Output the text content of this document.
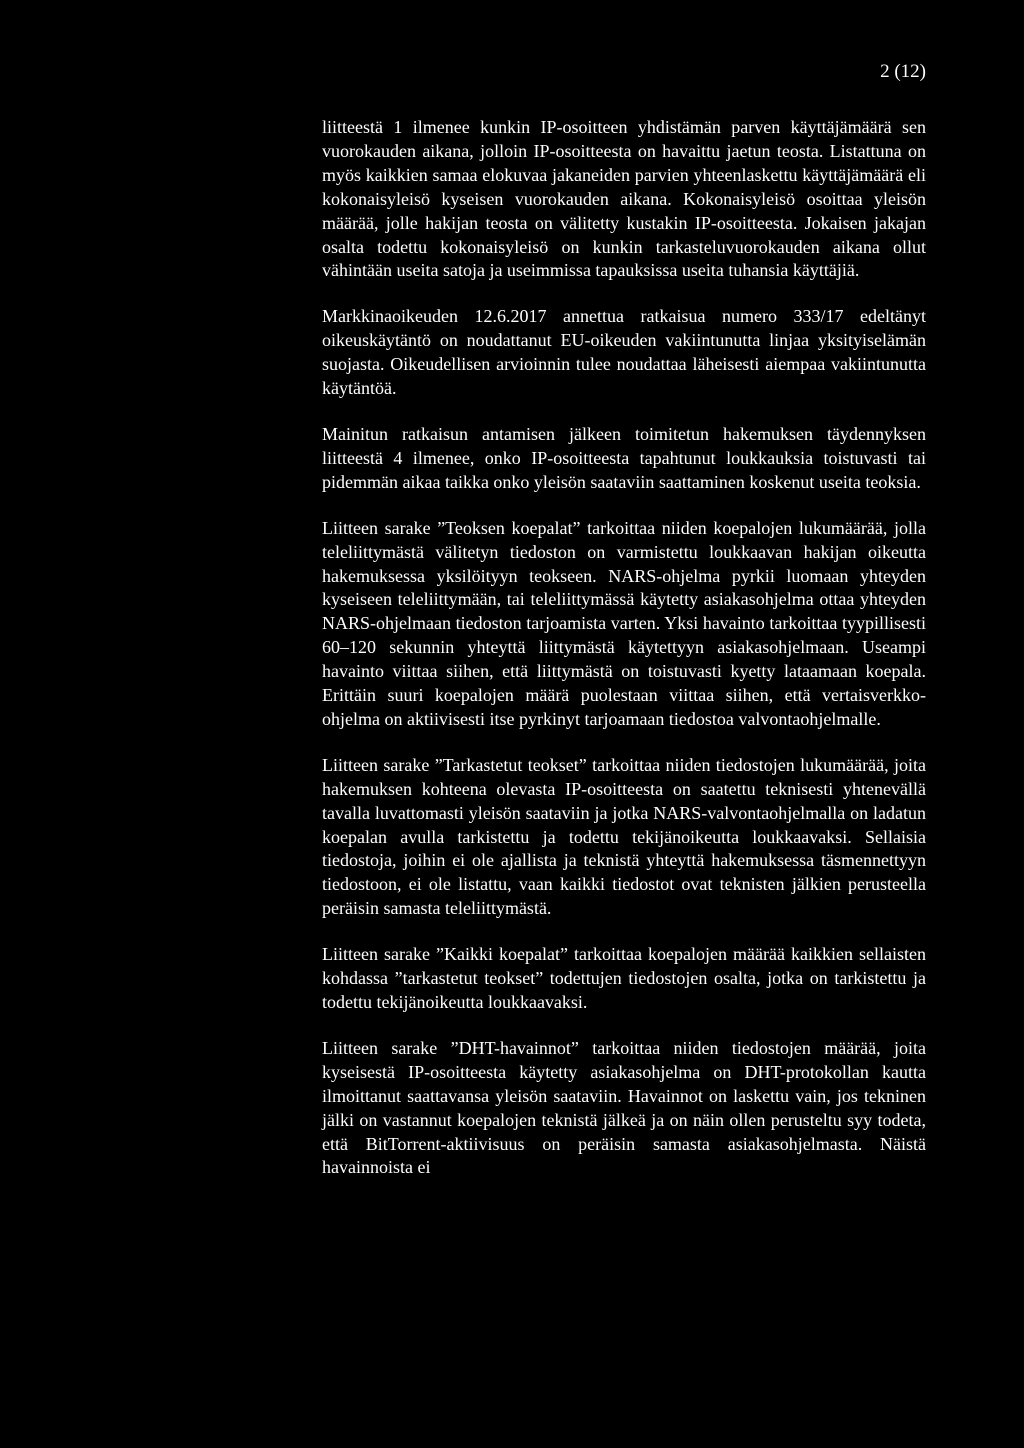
2 (12)

liitteestä 1 ilmenee kunkin IP-osoitteen yhdistämän parven käyttäjämäärä sen vuorokauden aikana, jolloin IP-osoitteesta on havaittu jaetun teosta. Listattuna on myös kaikkien samaa elokuvaa jakaneiden parvien yhteenlaskettu käyttäjämäärä eli kokonaisyleisö kyseisen vuorokauden aikana. Kokonaisyleisö osoittaa yleisön määrää, jolle hakijan teosta on välitetty kustakin IP-osoitteesta. Jokaisen jakajan osalta todettu kokonaisyleisö on kunkin tarkasteluvuorokauden aikana ollut vähintään useita satoja ja useimmissa tapauksissa useita tuhansia käyttäjiä.

Markkinaoikeuden 12.6.2017 annettua ratkaisua numero 333/17 edeltänyt oikeuskäytäntö on noudattanut EU-oikeuden vakiintunutta linjaa yksityiselämän suojasta. Oikeudellisen arvioinnin tulee noudattaa läheisesti aiempaa vakiintunutta käytäntöä.

Mainitun ratkaisun antamisen jälkeen toimitetun hakemuksen täydennyksen liitteestä 4 ilmenee, onko IP-osoitteesta tapahtunut loukkauksia toistuvasti tai pidemmän aikaa taikka onko yleisön saataviin saattaminen koskenut useita teoksia.

Liitteen sarake ”Teoksen koepalat” tarkoittaa niiden koepalojen lukumäärää, jolla teleliittymästä välitetyn tiedoston on varmistettu loukkaavan hakijan oikeutta hakemuksessa yksilöityyn teokseen. NARS-ohjelma pyrkii luomaan yhteyden kyseiseen teleliittymään, tai teleliittymässä käytetty asiakasohjelma ottaa yhteyden NARS-ohjelmaan tiedoston tarjoamista varten. Yksi havainto tarkoittaa tyypillisesti 60–120 sekunnin yhteyttä liittymästä käytettyyn asiakasohjelmaan. Useampi havainto viittaa siihen, että liittymästä on toistuvasti kyetty lataamaan koepala. Erittäin suuri koepalojen määrä puolestaan viittaa siihen, että vertaisverkko-ohjelma on aktiivisesti itse pyrkinyt tarjoamaan tiedostoa valvontaohjelmalle.

Liitteen sarake ”Tarkastetut teokset” tarkoittaa niiden tiedostojen lukumäärää, joita hakemuksen kohteena olevasta IP-osoitteesta on saatettu teknisesti yhtenevällä tavalla luvattomasti yleisön saataviin ja jotka NARS-valvontaohjelmalla on ladatun koepalan avulla tarkistettu ja todettu tekijänoikeutta loukkaavaksi. Sellaisia tiedostoja, joihin ei ole ajallista ja teknistä yhteyttä hakemuksessa täsmennettyyn tiedostoon, ei ole listattu, vaan kaikki tiedostot ovat teknisten jälkien perusteella peräisin samasta teleliittymästä.

Liitteen sarake ”Kaikki koepalat” tarkoittaa koepalojen määrää kaikkien sellaisten kohdassa ”tarkastetut teokset” todettujen tiedostojen osalta, jotka on tarkistettu ja todettu tekijänoikeutta loukkaavaksi.

Liitteen sarake ”DHT-havainnot” tarkoittaa niiden tiedostojen määrää, joita kyseisestä IP-osoitteesta käytetty asiakasohjelma on DHT-protokollan kautta ilmoittanut saattavansa yleisön saataviin. Havainnot on laskettu vain, jos tekninen jälki on vastannut koepalojen teknistä jälkeä ja on näin ollen perusteltu syy todeta, että BitTorrent-aktiivisuus on peräisin samasta asiakasohjelmasta. Näistä havainnoista ei
